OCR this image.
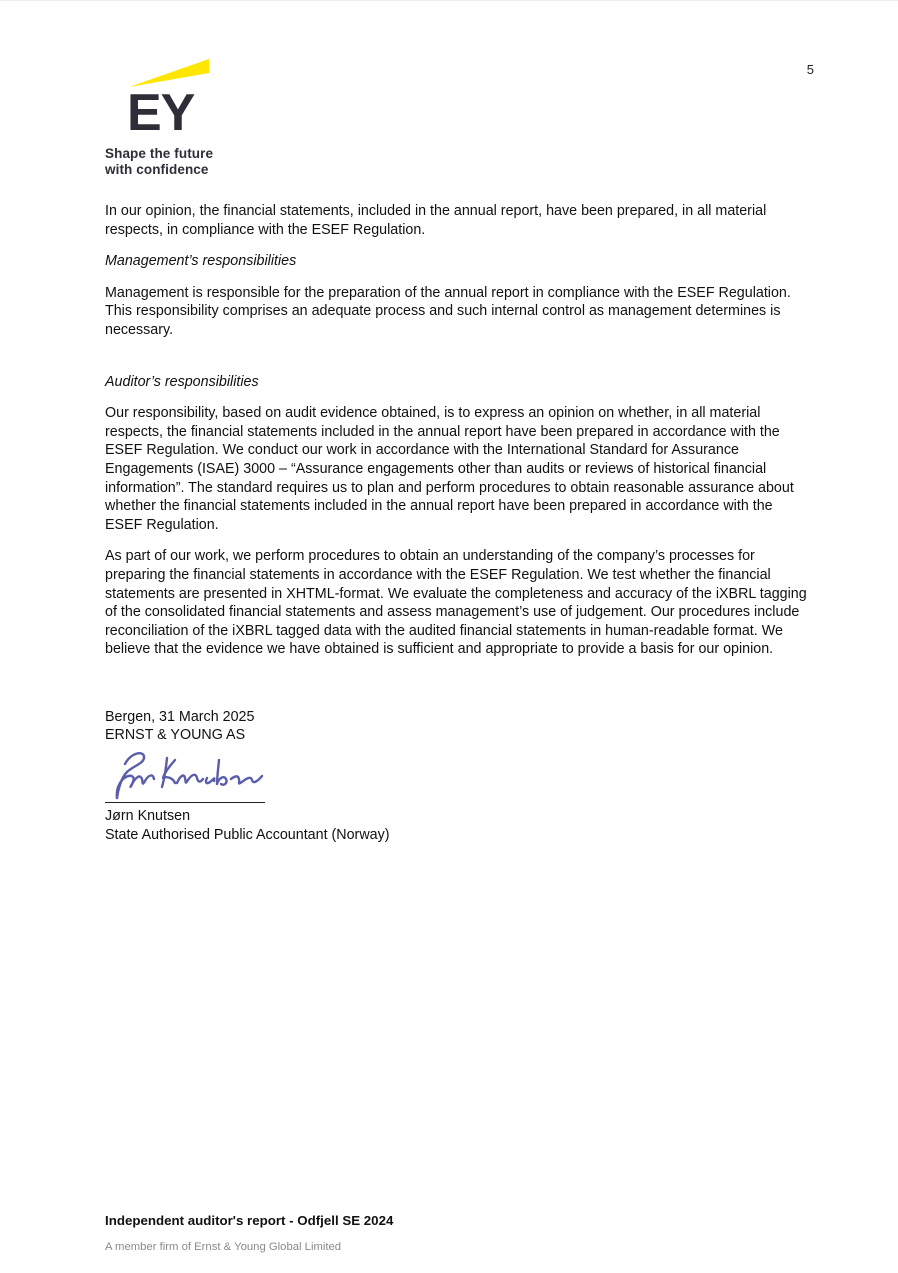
EY
Shape the future
with confidence
5

In our opinion, the financial statements, included in the annual report, have been prepared, in all material respects, in compliance with the ESEF Regulation.

Management’s responsibilities

Management is responsible for the preparation of the annual report in compliance with the ESEF Regulation. This responsibility comprises an adequate process and such internal control as management determines is necessary.

Auditor’s responsibilities

Our responsibility, based on audit evidence obtained, is to express an opinion on whether, in all material respects, the financial statements included in the annual report have been prepared in accordance with the ESEF Regulation. We conduct our work in accordance with the International Standard for Assurance Engagements (ISAE) 3000 – “Assurance engagements other than audits or reviews of historical financial information”. The standard requires us to plan and perform procedures to obtain reasonable assurance about whether the financial statements included in the annual report have been prepared in accordance with the ESEF Regulation.

As part of our work, we perform procedures to obtain an understanding of the company’s processes for preparing the financial statements in accordance with the ESEF Regulation. We test whether the financial statements are presented in XHTML-format. We evaluate the completeness and accuracy of the iXBRL tagging of the consolidated financial statements and assess management’s use of judgement. Our procedures include reconciliation of the iXBRL tagged data with the audited financial statements in human-readable format. We believe that the evidence we have obtained is sufficient and appropriate to provide a basis for our opinion.

Bergen, 31 March 2025
ERNST & YOUNG AS
Jørn Knutsen
State Authorised Public Accountant (Norway)
Independent auditor's report - Odfjell SE 2024
A member firm of Ernst & Young Global Limited
